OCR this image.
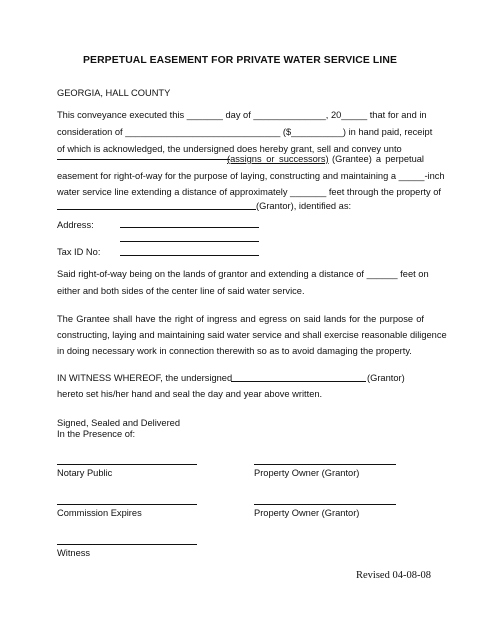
PERPETUAL EASEMENT FOR PRIVATE WATER SERVICE LINE
GEORGIA, HALL COUNTY
This conveyance executed this _______ day of ______________, 20_____ that for and in
consideration of ______________________________ ($__________) in hand paid, receipt
of which is acknowledged, the undersigned does hereby grant, sell and convey unto
(assigns or successors) (Grantee) a perpetual
easement for right-of-way for the purpose of laying, constructing and maintaining a _____-inch
water service line extending a distance of approximately _______ feet through the property of
(Grantor), identified as:
Address:
Tax ID No:
Said right-of-way being on the lands of grantor and extending a distance of ______ feet on
either and both sides of the center line of said water service.
The Grantee shall have the right of ingress and egress on said lands for the purpose of
constructing, laying and maintaining said water service and shall exercise reasonable diligence
in doing necessary work in connection therewith so as to avoid damaging the property.
IN WITNESS WHEREOF, the undersigned	(Grantor)
hereto set his/her hand and seal the day and year above written.
Signed, Sealed and Delivered
In the Presence of:
Notary Public	Property Owner (Grantor)
Commission Expires	Property Owner (Grantor)
Witness
Revised 04-08-08
